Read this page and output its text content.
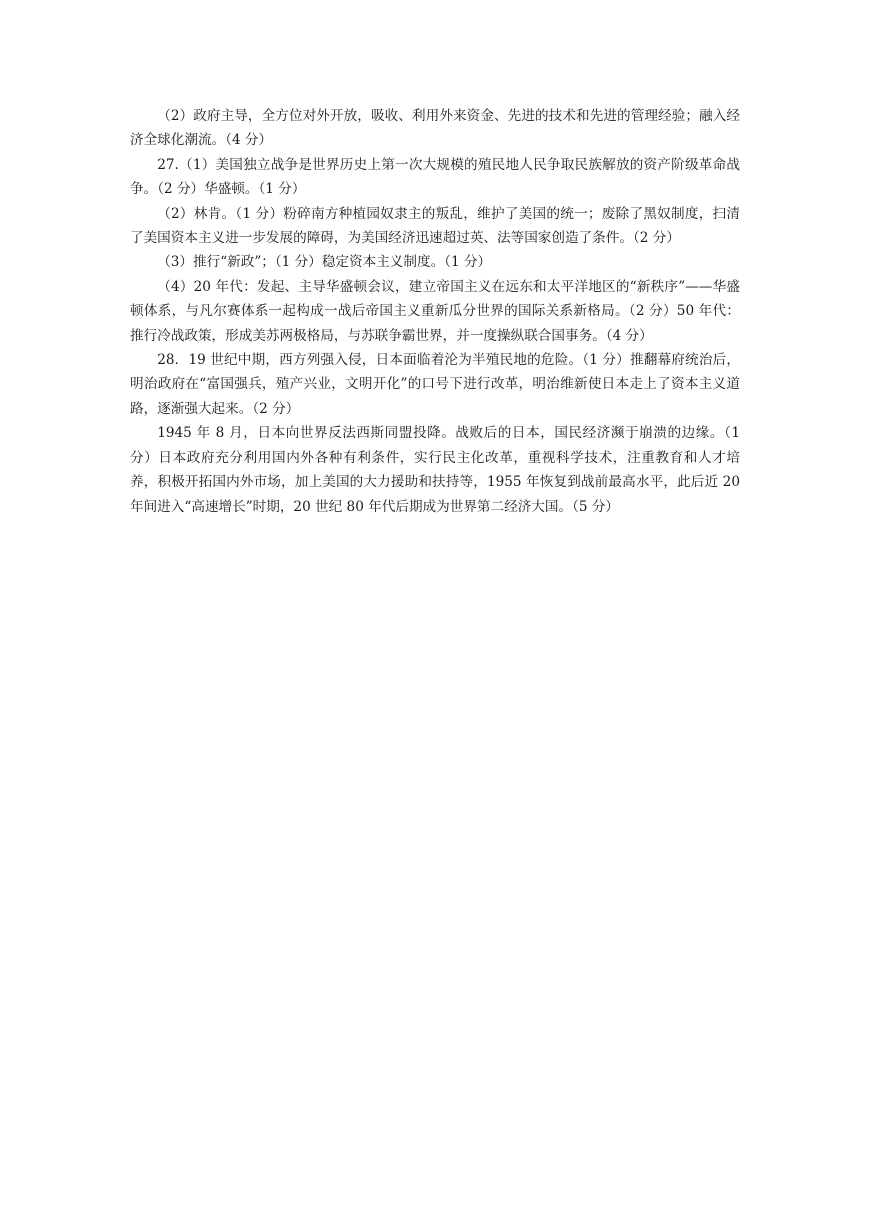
（2）政府主导，全方位对外开放，吸收、利用外来资金、先进的技术和先进的管理经验；融入经济全球化潮流。（4 分）

27.（1）美国独立战争是世界历史上第一次大规模的殖民地人民争取民族解放的资产阶级革命战争。（2 分）华盛顿。（1 分）

（2）林肯。（1 分）粉碎南方种植园奴隶主的叛乱，维护了美国的统一；废除了黑奴制度，扫清了美国资本主义进一步发展的障碍，为美国经济迅速超过英、法等国家创造了条件。（2 分）

（3）推行“新政”；（1 分）稳定资本主义制度。（1 分）

（4）20 年代：发起、主导华盛顿会议，建立帝国主义在远东和太平洋地区的“新秩序”——华盛顿体系，与凡尔赛体系一起构成一战后帝国主义重新瓜分世界的国际关系新格局。（2 分）50 年代：推行冷战政策，形成美苏两极格局，与苏联争霸世界，并一度操纵联合国事务。（4 分）

28．19 世纪中期，西方列强入侵，日本面临着沦为半殖民地的危险。（1 分）推翻幕府统治后，明治政府在“富国强兵，殖产兴业，文明开化”的口号下进行改革，明治维新使日本走上了资本主义道路，逐渐强大起来。（2 分）

1945 年 8 月，日本向世界反法西斯同盟投降。战败后的日本，国民经济濒于崩溃的边缘。（1 分）日本政府充分利用国内外各种有利条件，实行民主化改革，重视科学技术，注重教育和人才培养，积极开拓国内外市场，加上美国的大力援助和扶持等，1955 年恢复到战前最高水平，此后近 20 年间进入“高速增长”时期，20 世纪 80 年代后期成为世界第二经济大国。（5 分）
